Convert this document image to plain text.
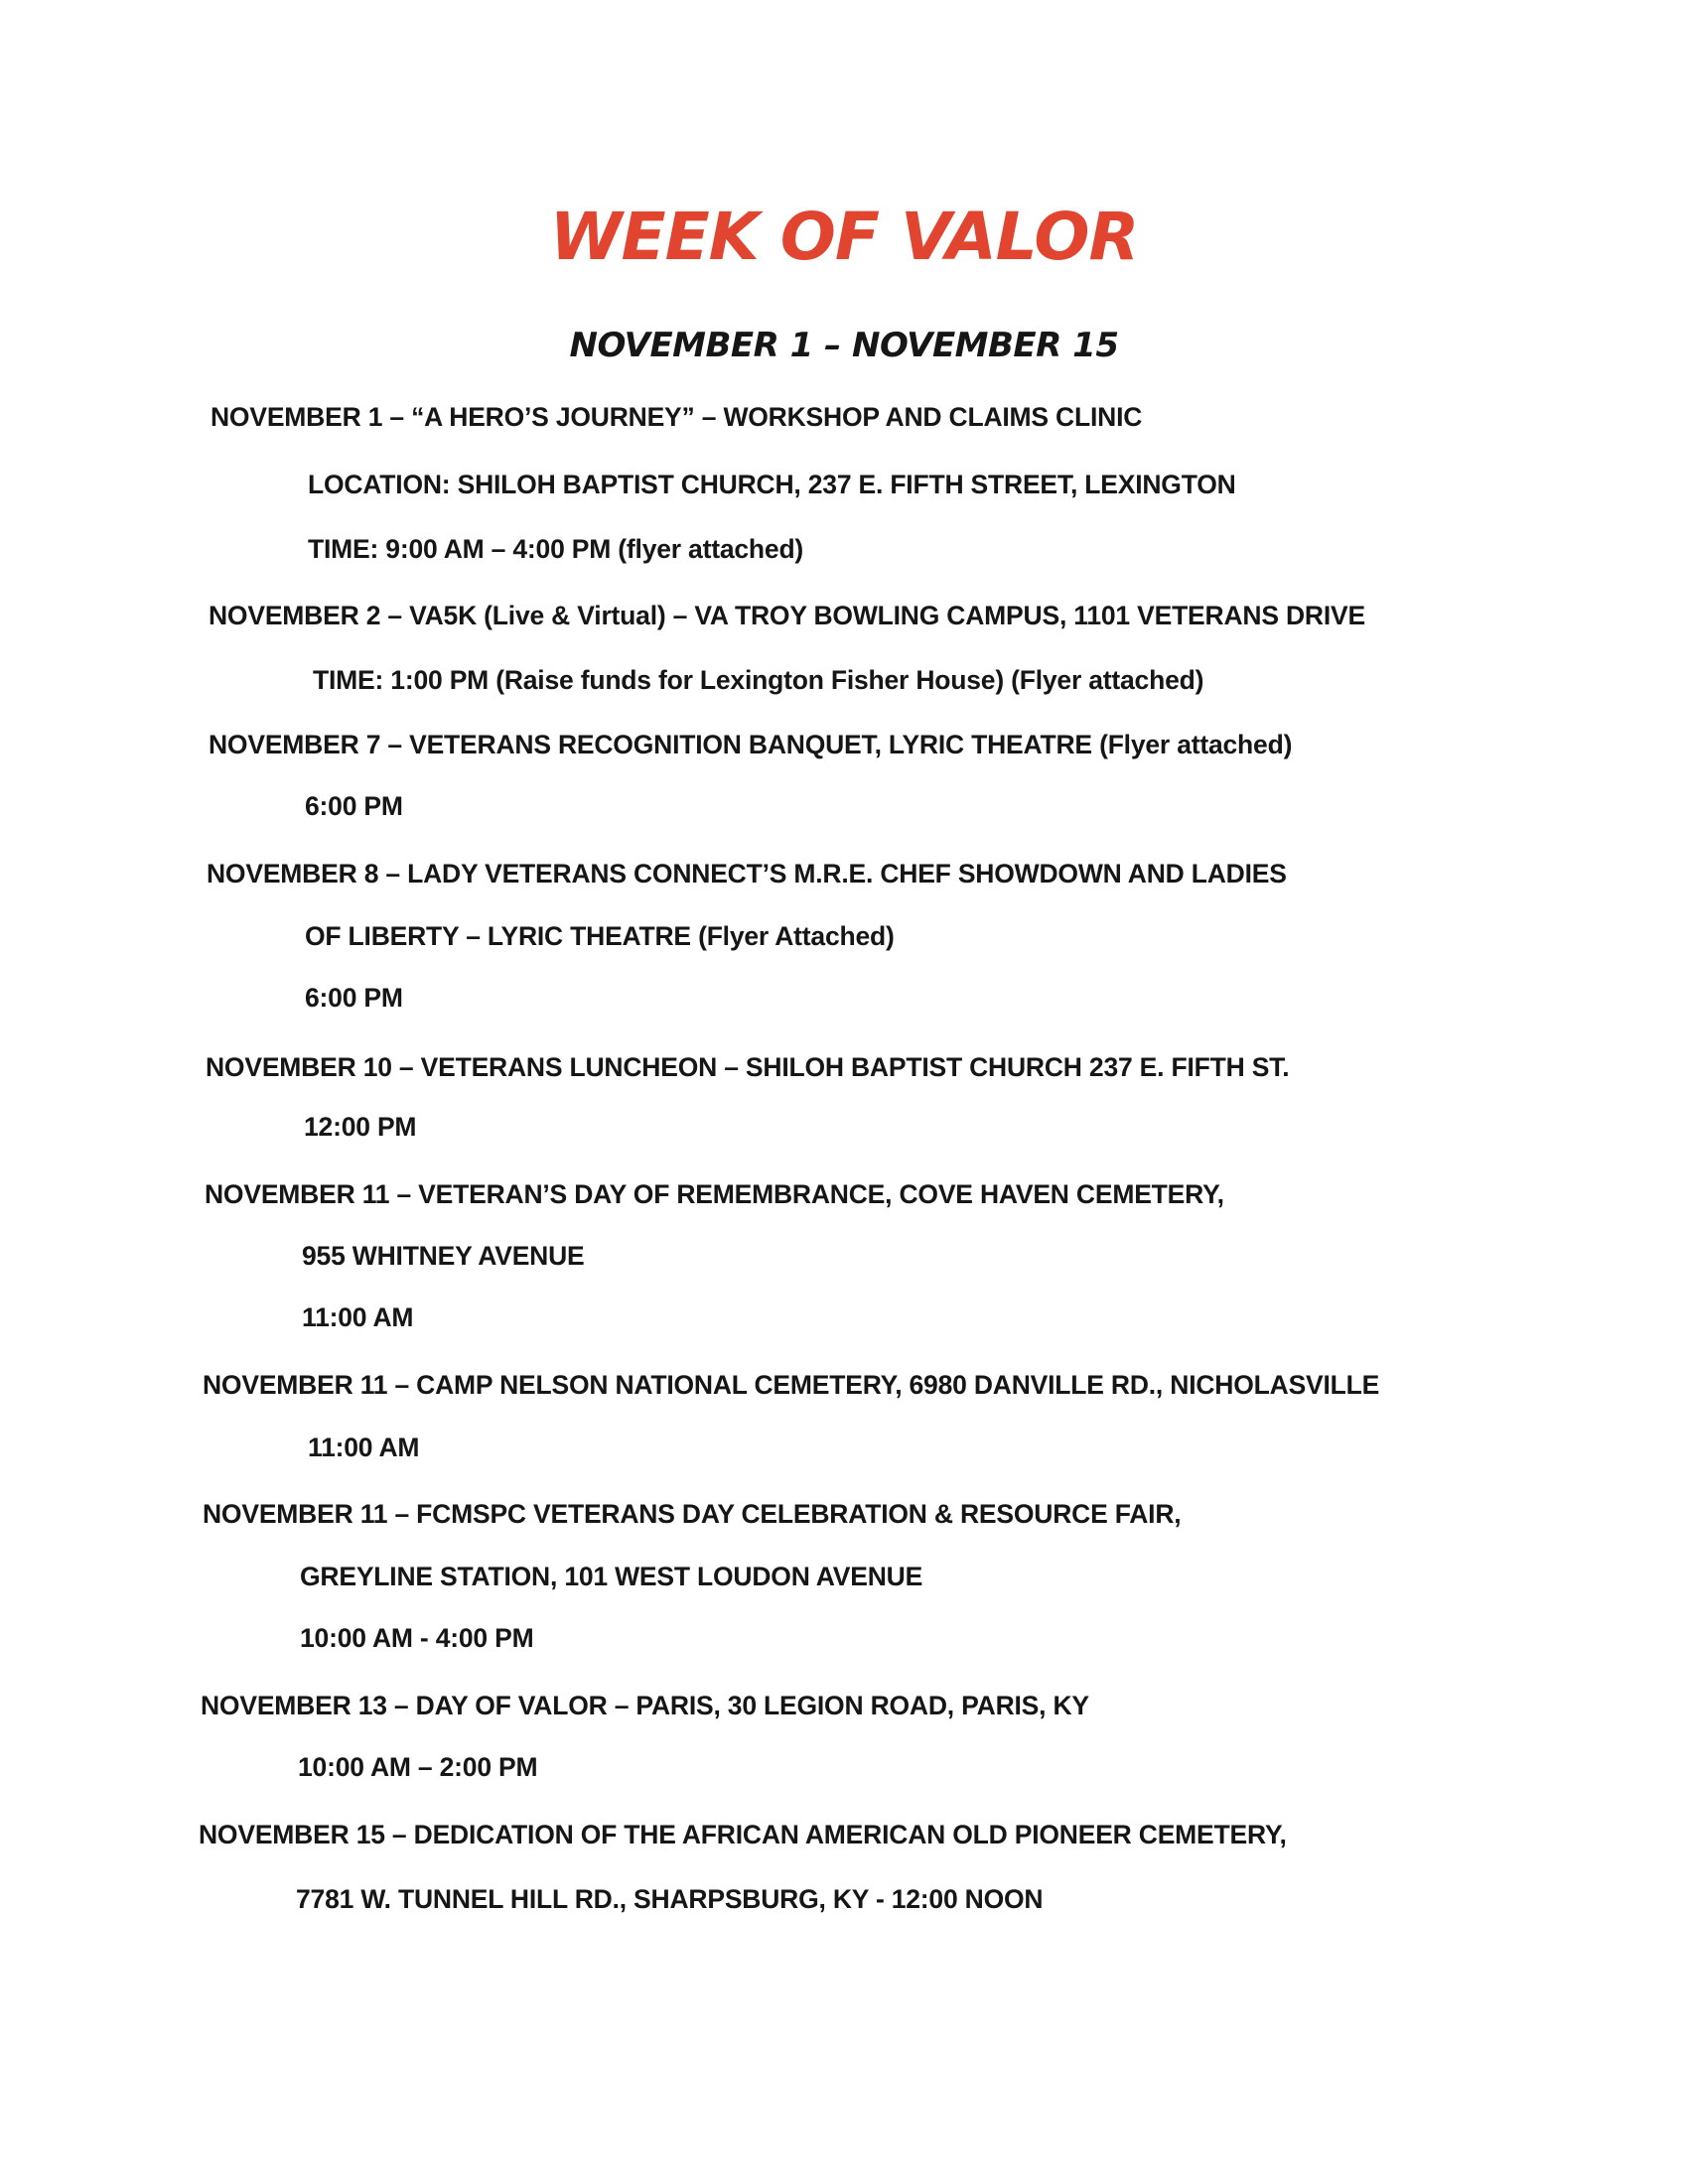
WEEK OF VALOR
NOVEMBER 1 – NOVEMBER 15
NOVEMBER 1 – “A HERO’S JOURNEY” – WORKSHOP AND CLAIMS CLINIC
LOCATION: SHILOH BAPTIST CHURCH, 237 E. FIFTH STREET, LEXINGTON
TIME: 9:00 AM – 4:00 PM (flyer attached)
NOVEMBER 2 – VA5K (Live & Virtual) – VA TROY BOWLING CAMPUS, 1101 VETERANS DRIVE
TIME: 1:00 PM (Raise funds for Lexington Fisher House) (Flyer attached)
NOVEMBER 7 – VETERANS RECOGNITION BANQUET, LYRIC THEATRE (Flyer attached)
6:00 PM
NOVEMBER 8 – LADY VETERANS CONNECT’S M.R.E. CHEF SHOWDOWN AND LADIES
OF LIBERTY – LYRIC THEATRE (Flyer Attached)
6:00 PM
NOVEMBER 10 – VETERANS LUNCHEON – SHILOH BAPTIST CHURCH 237 E. FIFTH ST.
12:00 PM
NOVEMBER 11 – VETERAN’S DAY OF REMEMBRANCE, COVE HAVEN CEMETERY,
955 WHITNEY AVENUE
11:00 AM
NOVEMBER 11 – CAMP NELSON NATIONAL CEMETERY, 6980 DANVILLE RD., NICHOLASVILLE
11:00 AM
NOVEMBER 11 – FCMSPC VETERANS DAY CELEBRATION & RESOURCE FAIR,
GREYLINE STATION, 101 WEST LOUDON AVENUE
10:00 AM - 4:00 PM
NOVEMBER 13 – DAY OF VALOR – PARIS, 30 LEGION ROAD, PARIS, KY
10:00 AM – 2:00 PM
NOVEMBER 15 – DEDICATION OF THE AFRICAN AMERICAN OLD PIONEER CEMETERY,
7781 W. TUNNEL HILL RD., SHARPSBURG, KY - 12:00 NOON
